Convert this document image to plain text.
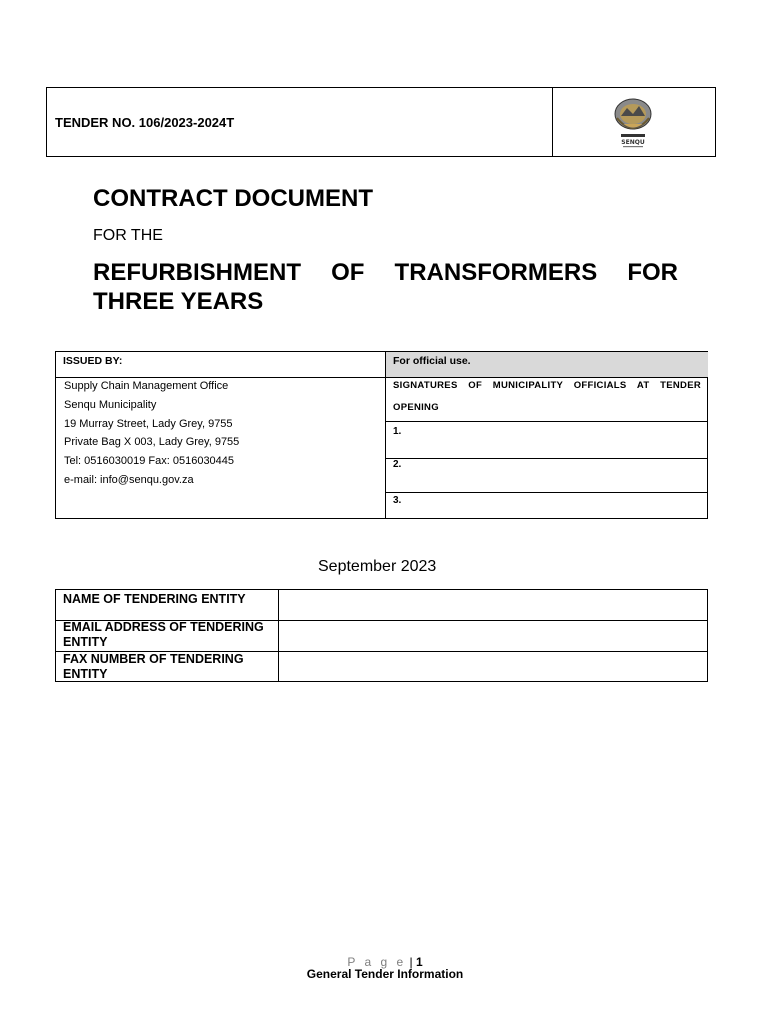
TENDER NO. 106/2023-2024T
SENQU
CONTRACT DOCUMENT
FOR THE
REFURBISHMENT OF TRANSFORMERS FOR
THREE YEARS
ISSUED BY:	For official use.
Supply Chain Management Office
Senqu Municipality
19 Murray Street, Lady Grey, 9755
Private Bag X 003, Lady Grey, 9755
Tel: 0516030019 Fax: 0516030445
e-mail: info@senqu.gov.za
SIGNATURES OF MUNICIPALITY OFFICIALS AT TENDER
OPENING
1.
2.
3.
September 2023
NAME OF TENDERING ENTITY
EMAIL ADDRESS OF TENDERING ENTITY
FAX NUMBER OF TENDERING ENTITY
P a g e | 1
General Tender Information
